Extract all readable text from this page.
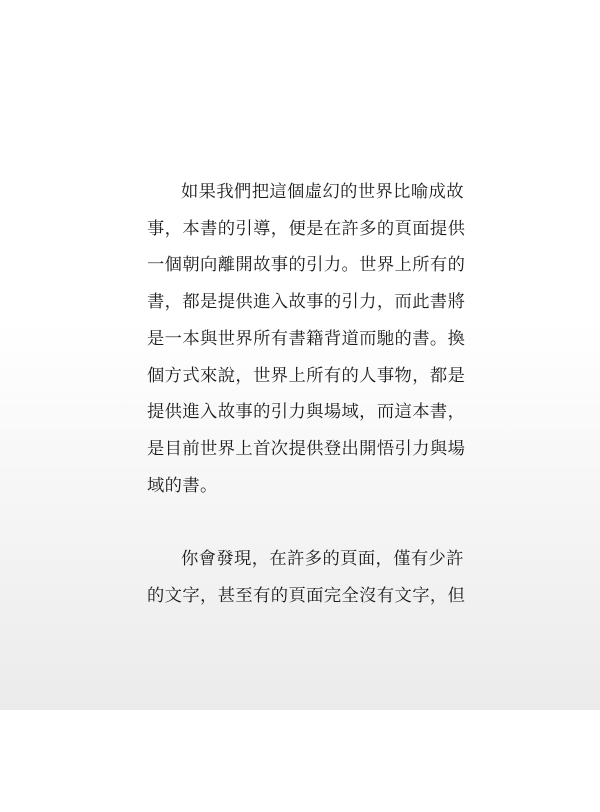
如果我們把這個虛幻的世界比喻成故
事，本書的引導，便是在許多的頁面提供
一個朝向離開故事的引力。世界上所有的
書，都是提供進入故事的引力，而此書將
是一本與世界所有書籍背道而馳的書。換
個方式來說，世界上所有的人事物，都是
提供進入故事的引力與場域，而這本書，
是目前世界上首次提供登出開悟引力與場
域的書。
你會發現，在許多的頁面，僅有少許
的文字，甚至有的頁面完全沒有文字，但
